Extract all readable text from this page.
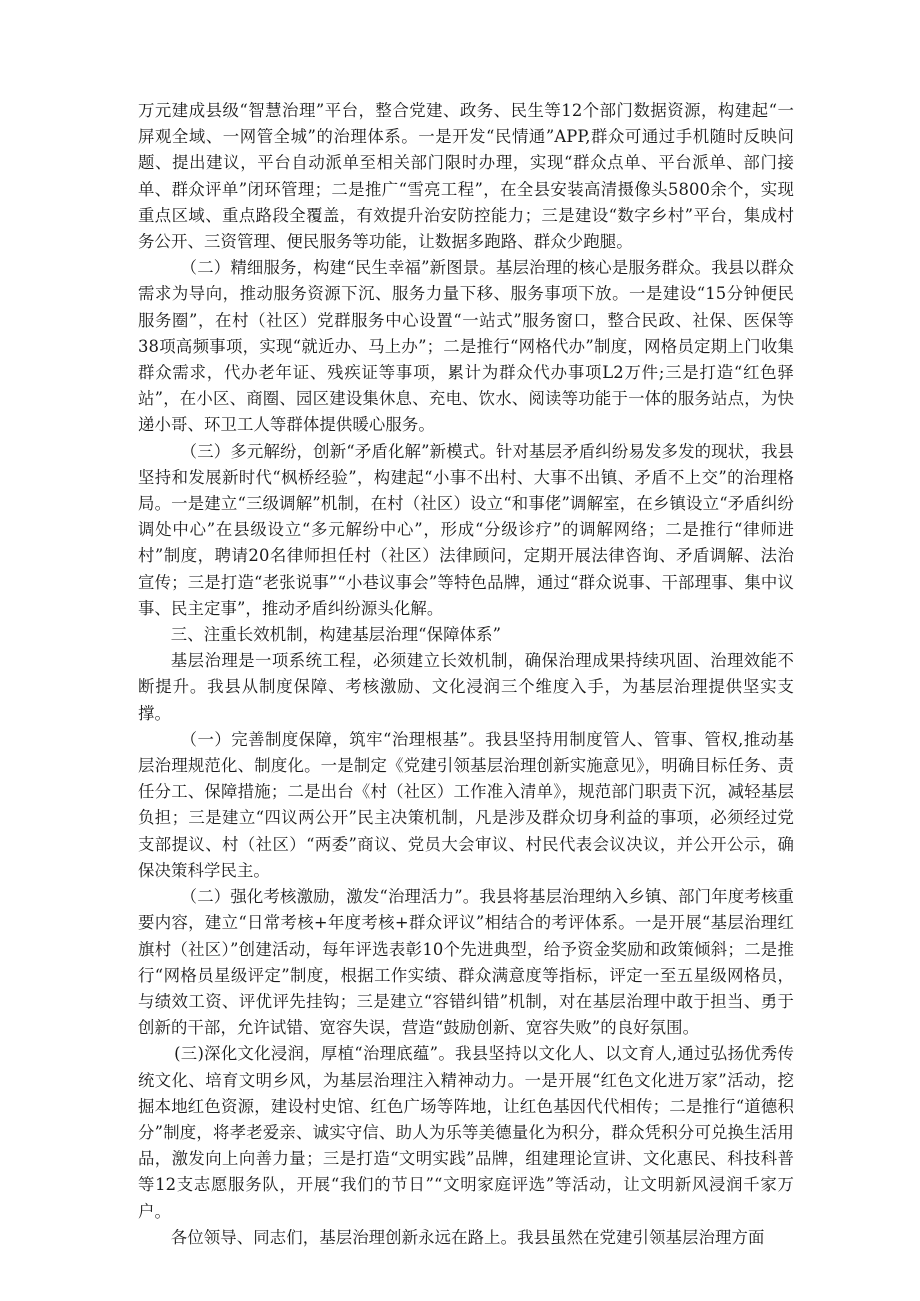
万元建成县级“智慧治理”平台，整合党建、政务、民生等12个部门数据资源，构建起“一屏观全域、一网管全城”的治理体系。一是开发“民情通”APP,群众可通过手机随时反映问题、提出建议，平台自动派单至相关部门限时办理，实现“群众点单、平台派单、部门接单、群众评单”闭环管理；二是推广“雪亮工程”，在全县安装高清摄像头5800余个，实现重点区域、重点路段全覆盖，有效提升治安防控能力；三是建设“数字乡村”平台，集成村务公开、三资管理、便民服务等功能，让数据多跑路、群众少跑腿。

（二）精细服务，构建“民生幸福”新图景。基层治理的核心是服务群众。我县以群众需求为导向，推动服务资源下沉、服务力量下移、服务事项下放。一是建设“15分钟便民服务圈”，在村（社区）党群服务中心设置“一站式”服务窗口，整合民政、社保、医保等38项高频事项，实现“就近办、马上办”；二是推行“网格代办”制度，网格员定期上门收集群众需求，代办老年证、残疾证等事项，累计为群众代办事项L2万件;三是打造“红色驿站”，在小区、商圈、园区建设集休息、充电、饮水、阅读等功能于一体的服务站点，为快递小哥、环卫工人等群体提供暖心服务。

（三）多元解纷，创新“矛盾化解”新模式。针对基层矛盾纠纷易发多发的现状，我县坚持和发展新时代“枫桥经验”，构建起“小事不出村、大事不出镇、矛盾不上交”的治理格局。一是建立“三级调解”机制，在村（社区）设立“和事佬”调解室，在乡镇设立“矛盾纠纷调处中心”在县级设立“多元解纷中心”，形成“分级诊疗”的调解网络；二是推行“律师进村”制度，聘请20名律师担任村（社区）法律顾问，定期开展法律咨询、矛盾调解、法治宣传；三是打造“老张说事”“小巷议事会”等特色品牌，通过“群众说事、干部理事、集中议事、民主定事”，推动矛盾纠纷源头化解。

三、注重长效机制，构建基层治理“保障体系”

基层治理是一项系统工程，必须建立长效机制，确保治理成果持续巩固、治理效能不断提升。我县从制度保障、考核激励、文化浸润三个维度入手，为基层治理提供坚实支撑。

（一）完善制度保障，筑牢“治理根基”。我县坚持用制度管人、管事、管权,推动基层治理规范化、制度化。一是制定《党建引领基层治理创新实施意见》，明确目标任务、责任分工、保障措施；二是出台《村（社区）工作准入清单》，规范部门职责下沉，减轻基层负担；三是建立“四议两公开”民主决策机制，凡是涉及群众切身利益的事项，必须经过党支部提议、村（社区）“两委”商议、党员大会审议、村民代表会议决议，并公开公示，确保决策科学民主。

（二）强化考核激励，激发“治理活力”。我县将基层治理纳入乡镇、部门年度考核重要内容，建立“日常考核+年度考核+群众评议”相结合的考评体系。一是开展“基层治理红旗村（社区）”创建活动，每年评选表彰10个先进典型，给予资金奖励和政策倾斜；二是推行“网格员星级评定”制度，根据工作实绩、群众满意度等指标，评定一至五星级网格员，与绩效工资、评优评先挂钩；三是建立“容错纠错”机制，对在基层治理中敢于担当、勇于创新的干部，允许试错、宽容失误，营造“鼓励创新、宽容失败”的良好氛围。

(三)深化文化浸润，厚植“治理底蕴”。我县坚持以文化人、以文育人,通过弘扬优秀传统文化、培育文明乡风，为基层治理注入精神动力。一是开展“红色文化进万家”活动，挖掘本地红色资源，建设村史馆、红色广场等阵地，让红色基因代代相传；二是推行“道德积分”制度，将孝老爱亲、诚实守信、助人为乐等美德量化为积分，群众凭积分可兑换生活用品，激发向上向善力量；三是打造“文明实践”品牌，组建理论宣讲、文化惠民、科技科普等12支志愿服务队，开展“我们的节日”“文明家庭评选”等活动，让文明新风浸润千家万户。

各位领导、同志们，基层治理创新永远在路上。我县虽然在党建引领基层治理方面
